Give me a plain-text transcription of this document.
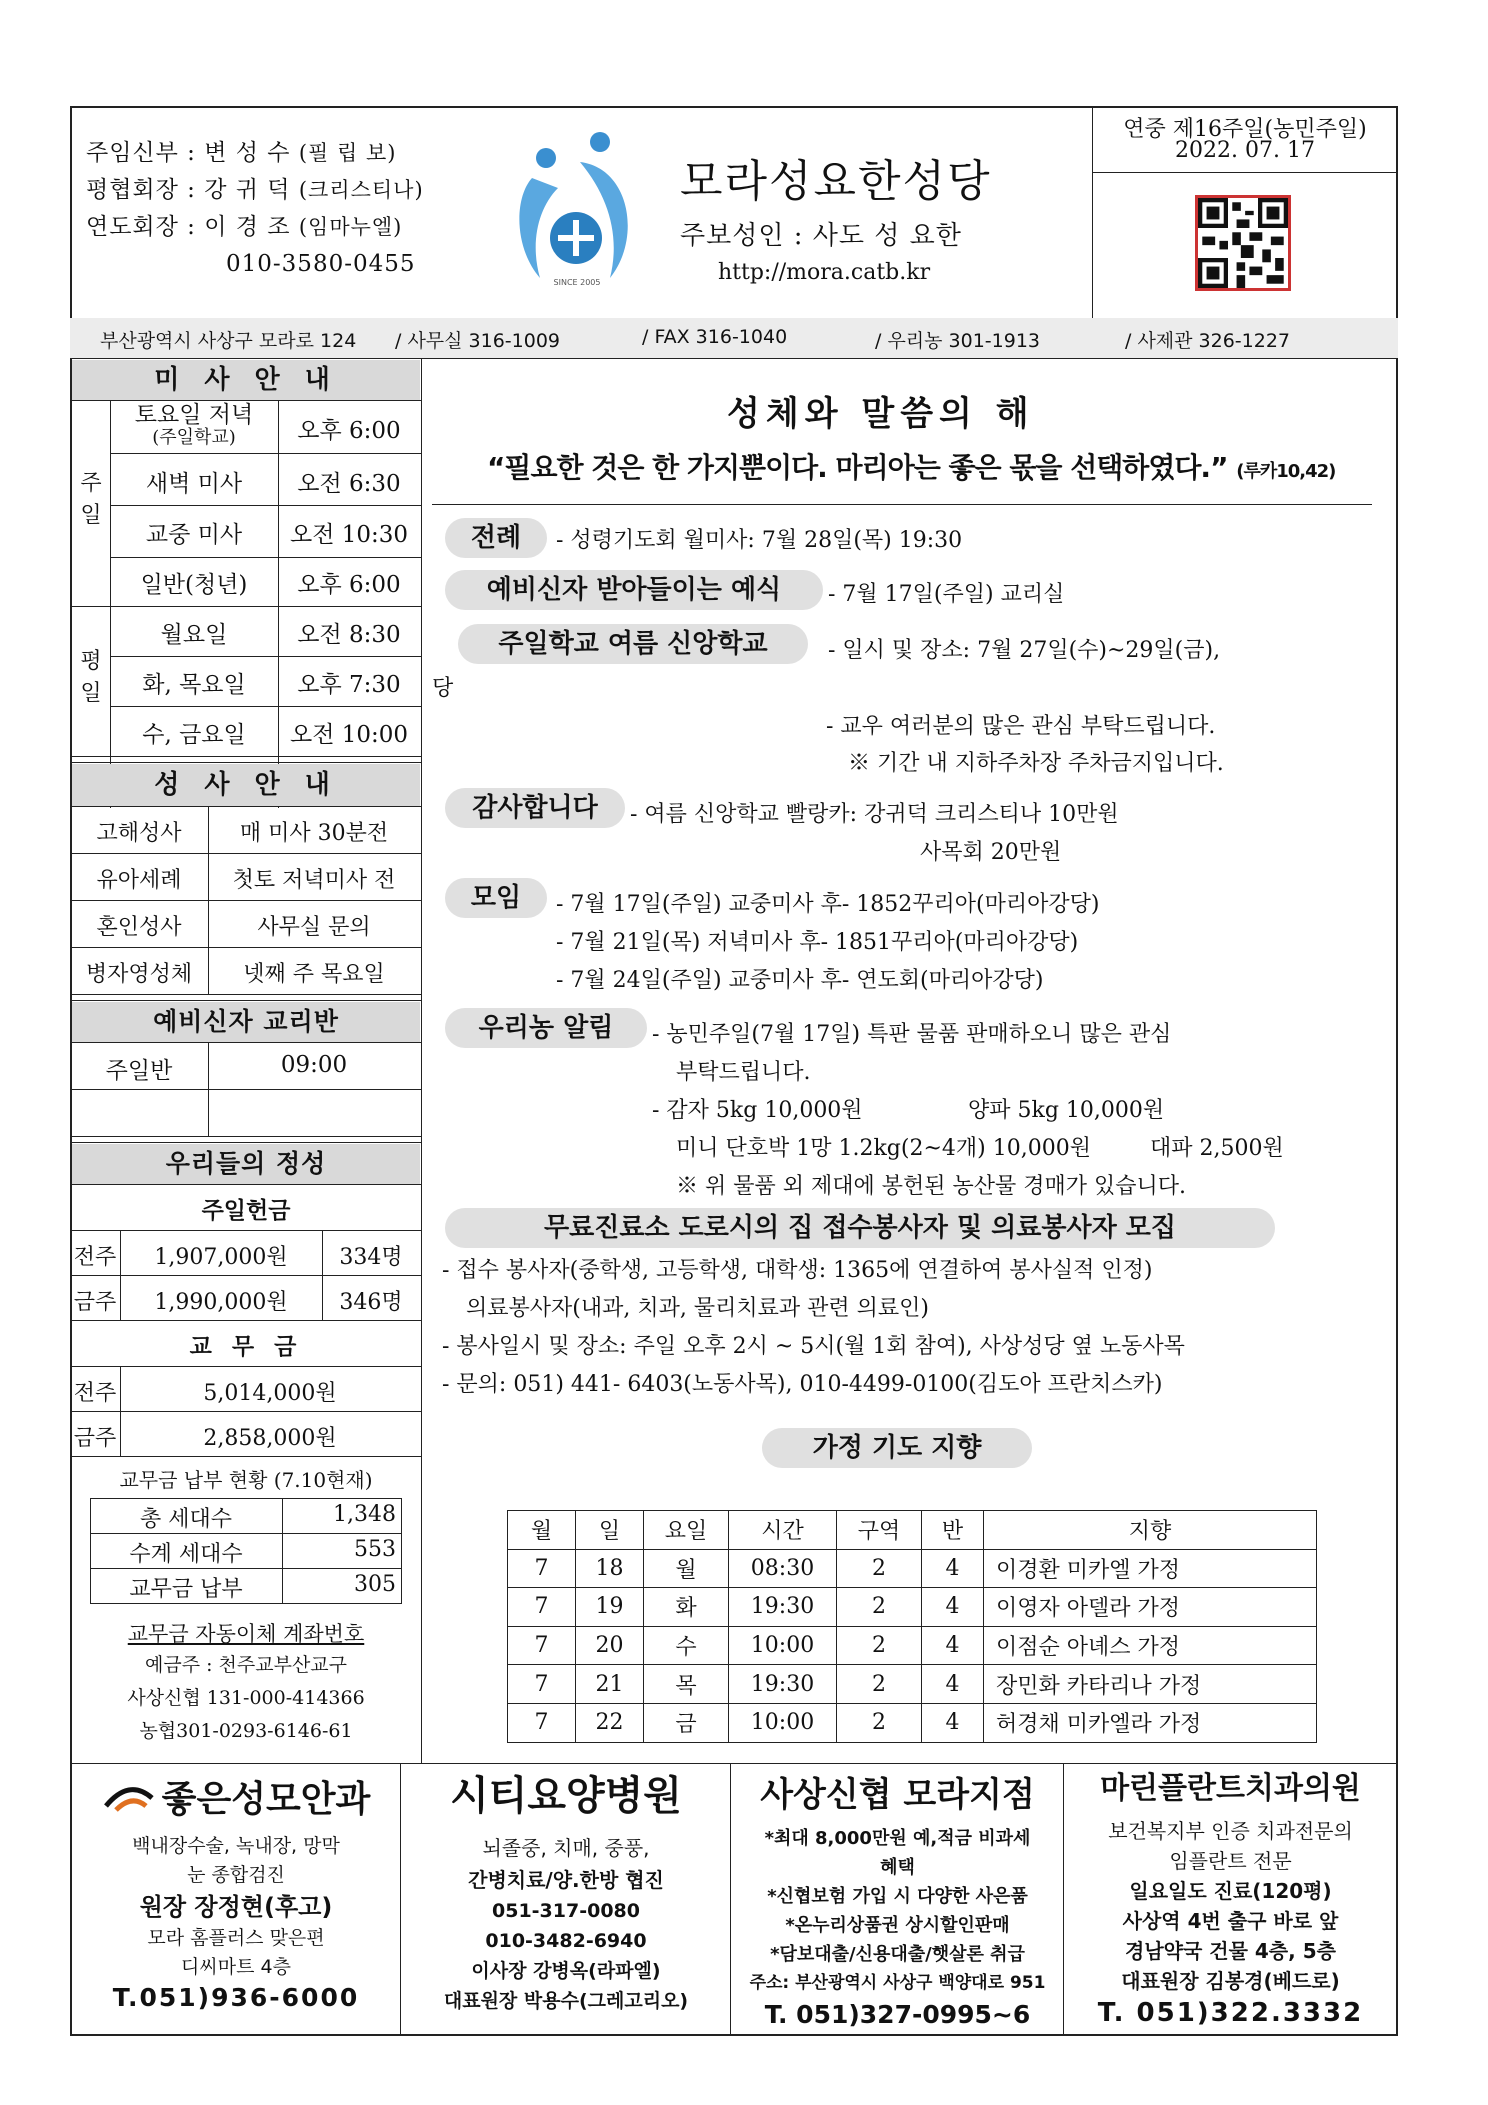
주임신부 : 변 성 수 (필 립 보)
평협회장 : 강 귀 덕 (크리스티나)
연도회장 : 이 경 조 (임마누엘)
010-3580-0455
SINCE 2005
모라성요한성당
주보성인 : 사도 성 요한
http://mora.catb.kr
연중 제16주일(농민주일)
2022. 07. 17
부산광역시 사상구 모라로 124 / 사무실 316-1009	/ FAX 316-1040	/ 우리농 301-1913	/ 사제관 326-1227
미 사 안 내
주일
토요일 저녁
(주일학교)	오후 6:00
새벽 미사	오전 6:30
교중 미사	오전 10:30
일반(청년)	오후 6:00
평일
월요일	오전 8:30
화, 목요일	오후 7:30
수, 금요일	오전 10:00
성 사 안 내
고해성사	매 미사 30분전
유아세례	첫토 저녁미사 전
혼인성사	사무실 문의
병자영성체	넷째 주 목요일
예비신자 교리반
주일반	09:00
우리들의 정성
주일헌금
전주	1,907,000원	334명
금주	1,990,000원	346명
교 무 금
전주	5,014,000원
금주	2,858,000원
교무금 납부 현황 (7.10현재)
총 세대수	1,348
수계 세대수	553
교무금 납부	305
교무금 자동이체 계좌번호
예금주 : 천주교부산교구
사상신협 131-000-414366
농협301-0293-6146-61
성체와 말씀의 해
“필요한 것은 한 가지뿐이다. 마리아는 좋은 몫을 선택하였다.” (루카10,42)
전례	- 성령기도회 월미사: 7월 28일(목) 19:30
예비신자 받아들이는 예식	- 7월 17일(주일) 교리실
주일학교 여름 신앙학교	- 일시 및 장소: 7월 27일(수)~29일(금),
당
- 교우 여러분의 많은 관심 부탁드립니다.
※ 기간 내 지하주차장 주차금지입니다.
감사합니다	- 여름 신앙학교 빨랑카: 강귀덕 크리스티나 10만원
사목회 20만원
모임	- 7월 17일(주일) 교중미사 후- 1852꾸리아(마리아강당)
- 7월 21일(목) 저녁미사 후- 1851꾸리아(마리아강당)
- 7월 24일(주일) 교중미사 후- 연도회(마리아강당)
우리농 알림	- 농민주일(7월 17일) 특판 물품 판매하오니 많은 관심
부탁드립니다.
- 감자 5kg 10,000원	양파 5kg 10,000원
미니 단호박 1망 1.2kg(2~4개) 10,000원	대파 2,500원
※ 위 물품 외 제대에 봉헌된 농산물 경매가 있습니다.
무료진료소 도로시의 집 접수봉사자 및 의료봉사자 모집
- 접수 봉사자(중학생, 고등학생, 대학생: 1365에 연결하여 봉사실적 인정)
의료봉사자(내과, 치과, 물리치료과 관련 의료인)
- 봉사일시 및 장소: 주일 오후 2시 ~ 5시(월 1회 참여), 사상성당 옆 노동사목
- 문의: 051) 441- 6403(노동사목), 010-4499-0100(김도아 프란치스카)
가정 기도 지향
월	일	요일	시간	구역	반	지향
7	18	월	08:30	2	4	이경환 미카엘 가정
7	19	화	19:30	2	4	이영자 아델라 가정
7	20	수	10:00	2	4	이점순 아녜스 가정
7	21	목	19:30	2	4	장민화 카타리나 가정
7	22	금	10:00	2	4	허경채 미카엘라 가정
좋은성모안과
백내장수술, 녹내장, 망막
눈 종합검진
원장 장정현(후고)
모라 홈플러스 맞은편
디씨마트 4층
T.051)936-6000
시티요양병원
뇌졸중, 치매, 중풍,
간병치료/양.한방 협진
051-317-0080
010-3482-6940
이사장 강병옥(라파엘)
대표원장 박용수(그레고리오)
사상신협 모라지점
*최대 8,000만원 예,적금 비과세
혜택
*신협보험 가입 시 다양한 사은품
*온누리상품권 상시할인판매
*담보대출/신용대출/햇살론 취급
주소: 부산광역시 사상구 백양대로 951
T. 051)327-0995~6
마린플란트치과의원
보건복지부 인증 치과전문의
임플란트 전문
일요일도 진료(120평)
사상역 4번 출구 바로 앞
경남약국 건물 4층, 5층
대표원장 김봉경(베드로)
T. 051)322.3332
